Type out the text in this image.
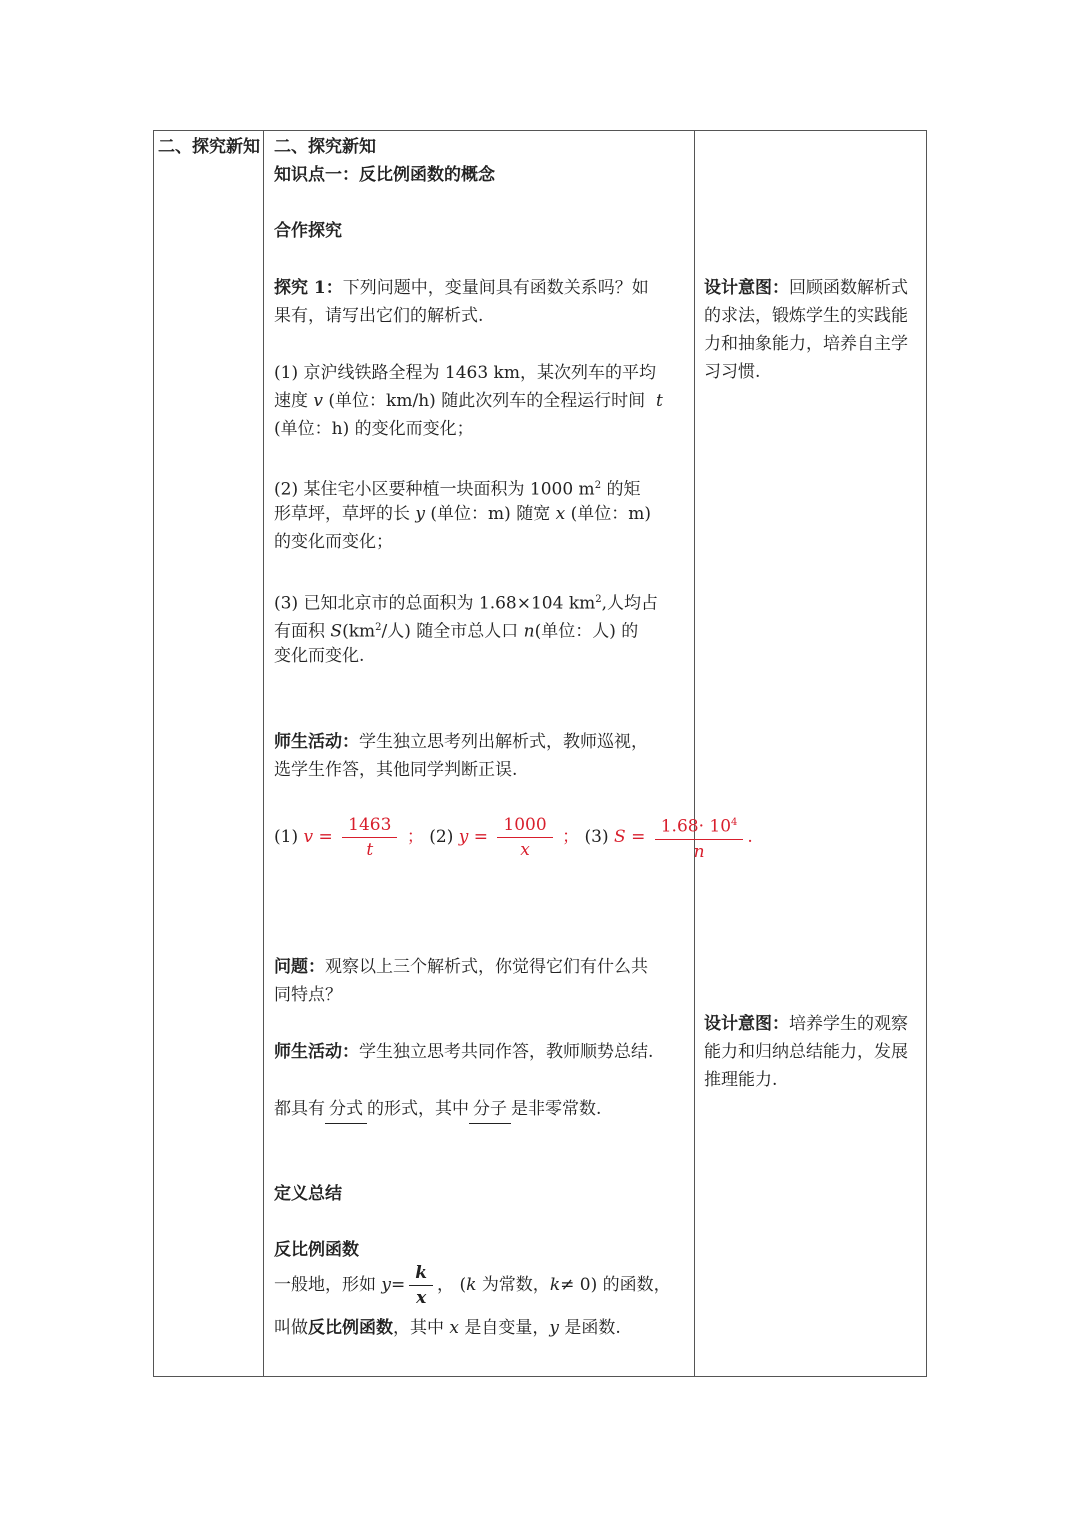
二、探究新知 二、探究新知

知识点一：反比例函数的概念

合作探究

探究 1：下列问题中，变量间具有函数关系吗？如

果有，请写出它们的解析式.

(1) 京沪线铁路全程为 1463 km，某次列车的平均

速度 v (单位：km/h) 随此次列车的全程运行时间 t

(单位：h) 的变化而变化；

(2) 某住宅小区要种植一块面积为 1000 $m^2$ 的矩

形草坪，草坪的长 y (单位：m) 随宽 x (单位：m)

的变化而变化；

(3) 已知北京市的总面积为 1.68×104 $km^2$,人均占

有面积 $S(km^2/$人) 随全市总人口 n(单位：人) 的

变化而变化.

师生活动：学生独立思考列出解析式，教师巡视，

选学生作答，其他同学判断正误.

(1) $v = \frac{1463}{t}$ ； (2) $y = \frac{1000}{x}$ ； (3) $S = \frac{1.68\cdot 10^4}{n}$ .

问题：观察以上三个解析式，你觉得它们有什么共

同特点？

师生活动：学生独立思考共同作答，教师顺势总结.

都具有 分式 的形式，其中 分子 是非零常数.

定义总结

反比例函数

一般地，形如 $y= \frac{k}{x}$ ， (k 为常数，k≠ 0) 的函数，

叫做反比例函数，其中 x 是自变量，y 是函数.

设计意图：回顾函数解析式的求法，锻炼学生的实践能力和抽象能力，培养自主学习习惯.
设计意图：培养学生的观察能力和归纳总结能力，发展推理能力.
